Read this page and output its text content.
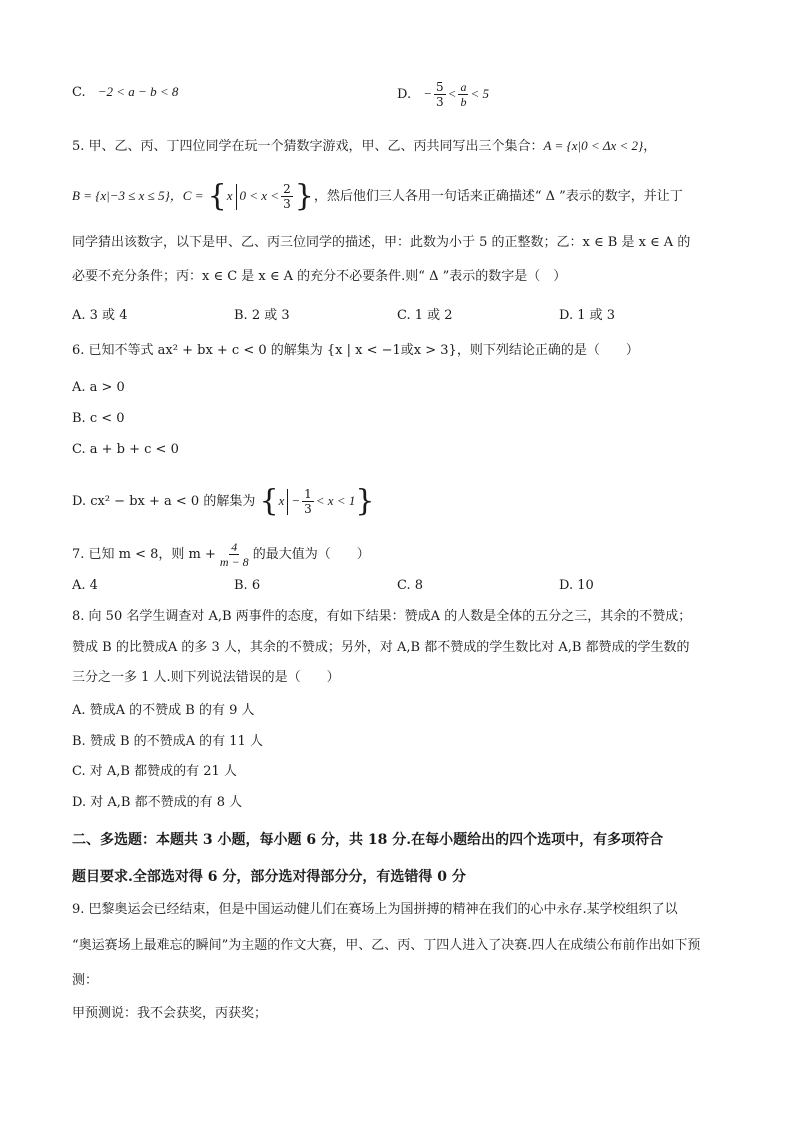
C. −2 < a − b < 8	D. − $\frac{5}{3} < \frac{a}{b} < 5$
5. 甲、乙、丙、丁四位同学在玩一个猜数字游戏，甲、乙、丙共同写出三个集合：A = {x|0 < Δx < 2}，
B = {x|−3 ≤ x ≤ 5}，C = {x $0 < x < \frac{2}{3}$ }，然后他们三人各用一句话来正确描述“ Δ ”表示的数字，并让丁
同学猜出该数字，以下是甲、乙、丙三位同学的描述，甲：此数为小于 5 的正整数；乙：x ∈ B 是 x ∈ A 的
必要不充分条件；丙：x ∈ C 是 x ∈ A 的充分不必要条件.则“ Δ ”表示的数字是（　）
A. 3 或 4	B. 2 或 3	C. 1 或 2	D. 1 或 3
6. 已知不等式 ax² + bx + c < 0 的解集为 {x | x < −1或x > 3}，则下列结论正确的是（　　）
A. a > 0
B. c < 0
C. a + b + c < 0
D. cx² − bx + a < 0 的解集为 $\{x - \frac{1}{3} < x < 1\}$
7. 已知 m < 8，则 $m + \frac{4}{m - 8}$ 的最大值为（　　）
A. 4	B. 6	C. 8	D. 10
8. 向 50 名学生调查对 A,B 两事件的态度，有如下结果：赞成A 的人数是全体的五分之三，其余的不赞成；
赞成 B 的比赞成A 的多 3 人，其余的不赞成；另外，对 A,B 都不赞成的学生数比对 A,B 都赞成的学生数的
三分之一多 1 人.则下列说法错误的是（　　）
A. 赞成A 的不赞成 B 的有 9 人
B. 赞成 B 的不赞成A 的有 11 人
C. 对 A,B 都赞成的有 21 人
D. 对 A,B 都不赞成的有 8 人
二、多选题：本题共 3 小题，每小题 6 分，共 18 分.在每小题给出的四个选项中，有多项符合
题目要求.全部选对得 6 分，部分选对得部分分，有选错得 0 分
9. 巴黎奥运会已经结束，但是中国运动健儿们在赛场上为国拼搏的精神在我们的心中永存.某学校组织了以
“奥运赛场上最难忘的瞬间”为主题的作文大赛，甲、乙、丙、丁四人进入了决赛.四人在成绩公布前作出如下预
测：
甲预测说：我不会获奖，丙获奖；
